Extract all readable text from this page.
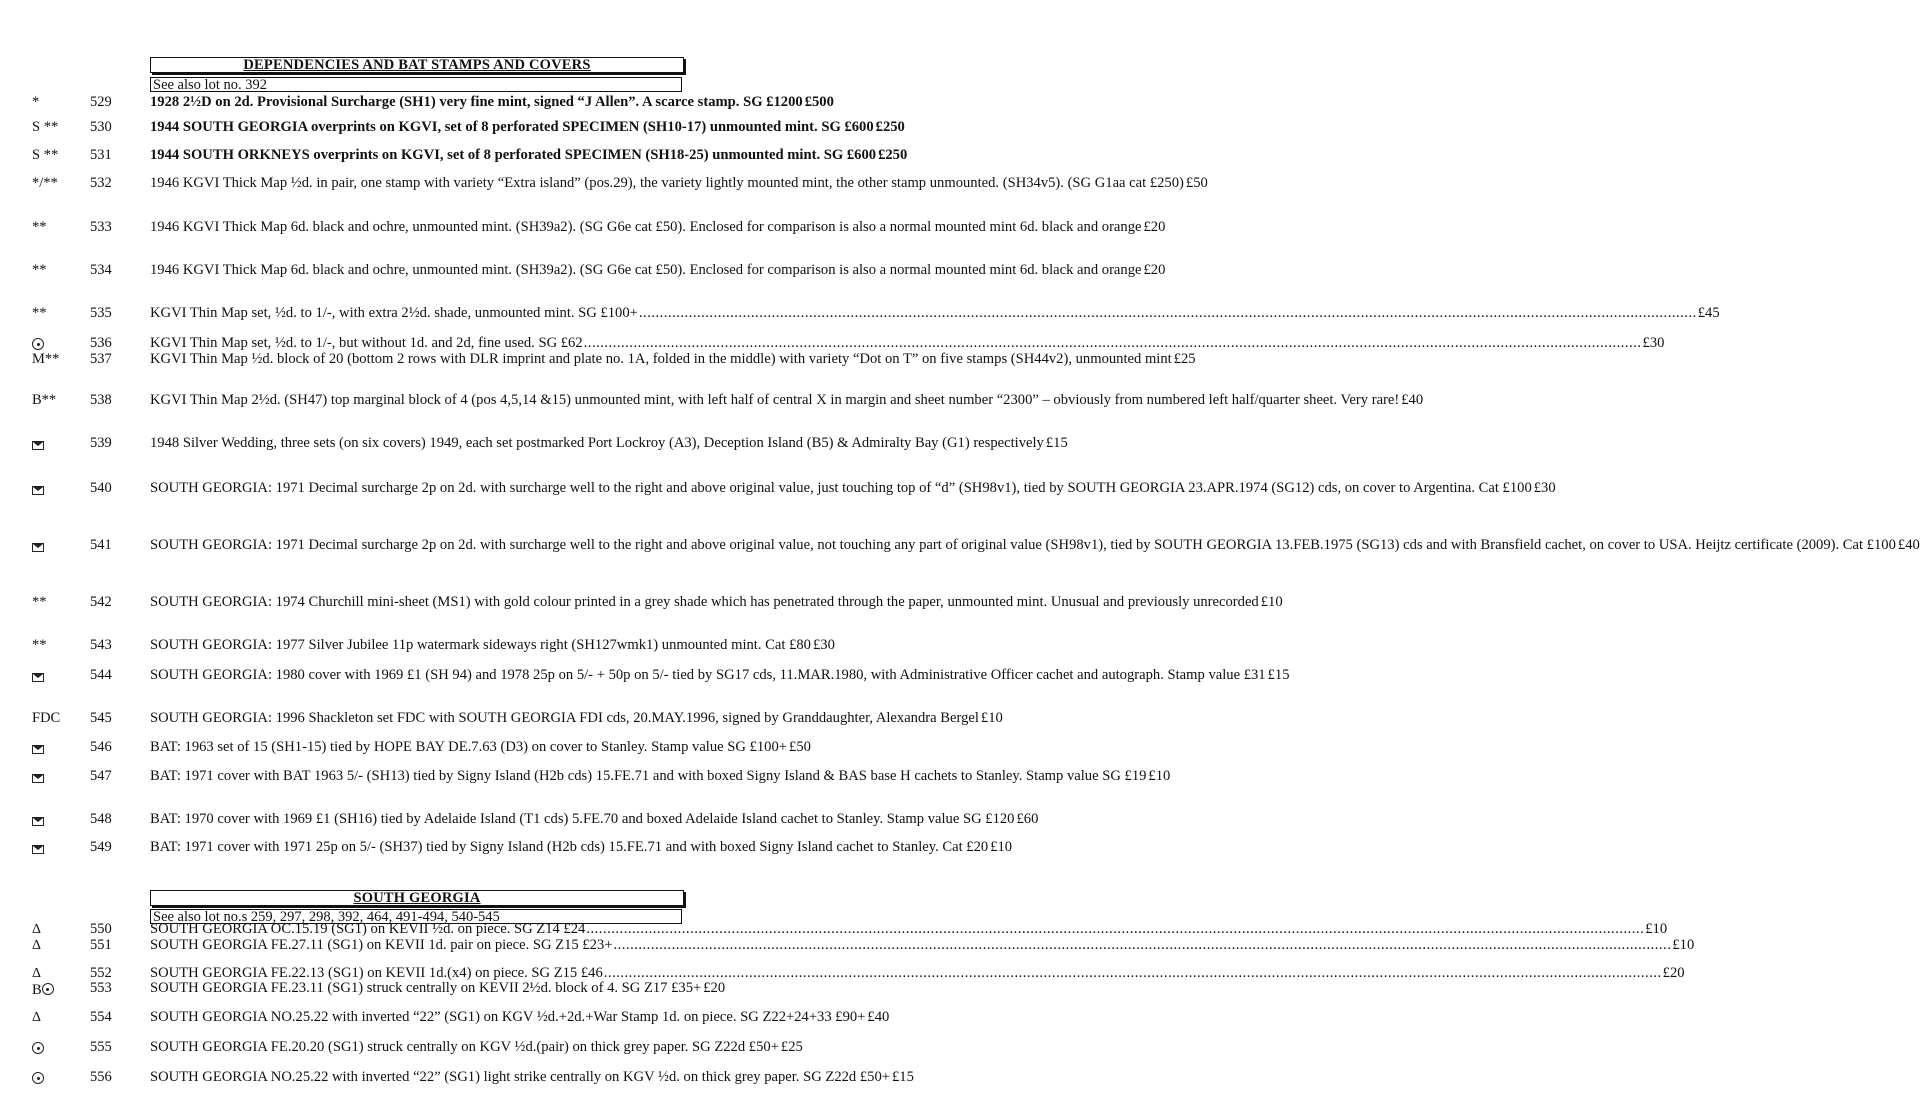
DEPENDENCIES AND BAT STAMPS AND COVERS
See also lot no. 392
SOUTH GEORGIA
See also lot no.s 259, 297, 298, 392, 464, 491-494, 540-545
*	529	1928 2½D on 2d. Provisional Surcharge (SH1) very fine mint, signed “J Allen”. A scarce stamp. SG £1200 £500
S ** 530	1944 SOUTH GEORGIA overprints on KGVI, set of 8 perforated SPECIMEN (SH10-17) unmounted mint. SG £600 £250
S ** 531	1944 SOUTH ORKNEYS overprints on KGVI, set of 8 perforated SPECIMEN (SH18-25) unmounted mint. SG £600 £250
*/** 532	1946 KGVI Thick Map ½d. in pair, one stamp with variety “Extra island” (pos.29), the variety lightly mounted mint, the other stamp unmounted. (SH34v5). (SG G1aa cat £250) £50
**	533	1946 KGVI Thick Map 6d. black and ochre, unmounted mint. (SH39a2). (SG G6e cat £50). Enclosed for comparison is also a normal mounted mint 6d. black and orange £20
**	534	1946 KGVI Thick Map 6d. black and ochre, unmounted mint. (SH39a2). (SG G6e cat £50). Enclosed for comparison is also a normal mounted mint 6d. black and orange £20
**	535	KGVI Thin Map set, ½d. to 1/-, with extra 2½d. shade, unmounted mint. SG £100+ .....	£45
536	KGVI Thin Map set, ½d. to 1/-, but without 1d. and 2d, fine used. SG £62 .....	£30
M** 537	KGVI Thin Map ½d. block of 20 (bottom 2 rows with DLR imprint and plate no. 1A, folded in the middle) with variety “Dot on T” on five stamps (SH44v2), unmounted mint £25
B** 538	KGVI Thin Map 2½d. (SH47) top marginal block of 4 (pos 4,5,14 &15) unmounted mint, with left half of central X in margin and sheet number “2300” – obviously from numbered left half/quarter sheet. Very rare! £40
539	1948 Silver Wedding, three sets (on six covers) 1949, each set postmarked Port Lockroy (A3), Deception Island (B5) & Admiralty Bay (G1) respectively £15
540	SOUTH GEORGIA: 1971 Decimal surcharge 2p on 2d. with surcharge well to the right and above original value, just touching top of “d” (SH98v1), tied by SOUTH GEORGIA 23.APR.1974 (SG12) cds, on cover to Argentina. Cat £100 £30
541	SOUTH GEORGIA: 1971 Decimal surcharge 2p on 2d. with surcharge well to the right and above original value, not touching any part of original value (SH98v1), tied by SOUTH GEORGIA 13.FEB.1975 (SG13) cds and with Bransfield cachet, on cover to USA. Heijtz certificate (2009). Cat £100 £40
**	542	SOUTH GEORGIA: 1974 Churchill mini-sheet (MS1) with gold colour printed in a grey shade which has penetrated through the paper, unmounted mint. Unusual and previously unrecorded £10
**	543	SOUTH GEORGIA: 1977 Silver Jubilee 11p watermark sideways right (SH127wmk1) unmounted mint. Cat £80 £30
544	SOUTH GEORGIA: 1980 cover with 1969 £1 (SH 94) and 1978 25p on 5/- + 50p on 5/- tied by SG17 cds, 11.MAR.1980, with Administrative Officer cachet and autograph. Stamp value £31 £15
FDC 545	SOUTH GEORGIA: 1996 Shackleton set FDC with SOUTH GEORGIA FDI cds, 20.MAY.1996, signed by Granddaughter, Alexandra Bergel £10
546	BAT: 1963 set of 15 (SH1-15) tied by HOPE BAY DE.7.63 (D3) on cover to Stanley. Stamp value SG £100+ £50
547	BAT: 1971 cover with BAT 1963 5/- (SH13) tied by Signy Island (H2b cds) 15.FE.71 and with boxed Signy Island & BAS base H cachets to Stanley. Stamp value SG £19 £10
548	BAT: 1970 cover with 1969 £1 (SH16) tied by Adelaide Island (T1 cds) 5.FE.70 and boxed Adelaide Island cachet to Stanley. Stamp value SG £120 £60
549	BAT: 1971 cover with 1971 25p on 5/- (SH37) tied by Signy Island (H2b cds) 15.FE.71 and with boxed Signy Island cachet to Stanley. Cat £20 £10
Δ	550	SOUTH GEORGIA OC.15.19 (SG1) on KEVII ½d. on piece. SG Z14 £24 .....	£10
Δ	551	SOUTH GEORGIA FE.27.11 (SG1) on KEVII 1d. pair on piece. SG Z15 £23+ .....	£10
Δ	552	SOUTH GEORGIA FE.22.13 (SG1) on KEVII 1d.(x4) on piece. SG Z15 £46 .....	£20
B	553	SOUTH GEORGIA FE.23.11 (SG1) struck centrally on KEVII 2½d. block of 4. SG Z17 £35+ £20
Δ	554	SOUTH GEORGIA NO.25.22 with inverted “22” (SG1) on KGV ½d.+2d.+War Stamp 1d. on piece. SG Z22+24+33 £90+ £40
555	SOUTH GEORGIA FE.20.20 (SG1) struck centrally on KGV ½d.(pair) on thick grey paper. SG Z22d £50+ £25
556	SOUTH GEORGIA NO.25.22 with inverted “22” (SG1) light strike centrally on KGV ½d. on thick grey paper. SG Z22d £50+ £15
